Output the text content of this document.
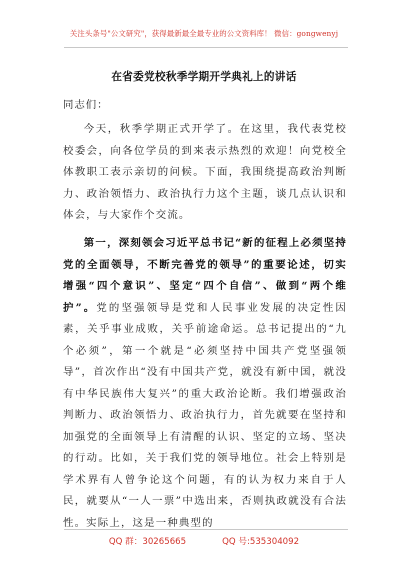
关注头条号"公文研究"，获得最新最全最专业的公文资料库！ 微信：gongwenyj
在省委党校秋季学期开学典礼上的讲话
同志们：
今天，秋季学期正式开学了。在这里，我代表党校校委会，向各位学员的到来表示热烈的欢迎！向党校全体教职工表示亲切的问候。下面，我围绕提高政治判断力、政治领悟力、政治执行力这个主题，谈几点认识和体会，与大家作个交流。
第一，深刻领会习近平总书记“新的征程上必须坚持党的全面领导，不断完善党的领导”的重要论述，切实增强“四个意识”、坚定“四个自信”、做到“两个维护”。党的坚强领导是党和人民事业发展的决定性因素，关乎事业成败，关乎前途命运。总书记提出的“九个必须”，第一个就是“必须坚持中国共产党坚强领导”，首次作出“没有中国共产党，就没有新中国，就没有中华民族伟大复兴”的重大政治论断。我们增强政治判断力、政治领悟力、政治执行力，首先就要在坚持和加强党的全面领导上有清醒的认识、坚定的立场、坚决的行动。比如，关于我们党的领导地位。社会上特别是学术界有人曾争论这个问题，有的认为权力来自于人民，就要从“一人一票”中选出来，否则执政就没有合法性。实际上，这是一种典型的
QQ 群：30265665	QQ 号:535304092
